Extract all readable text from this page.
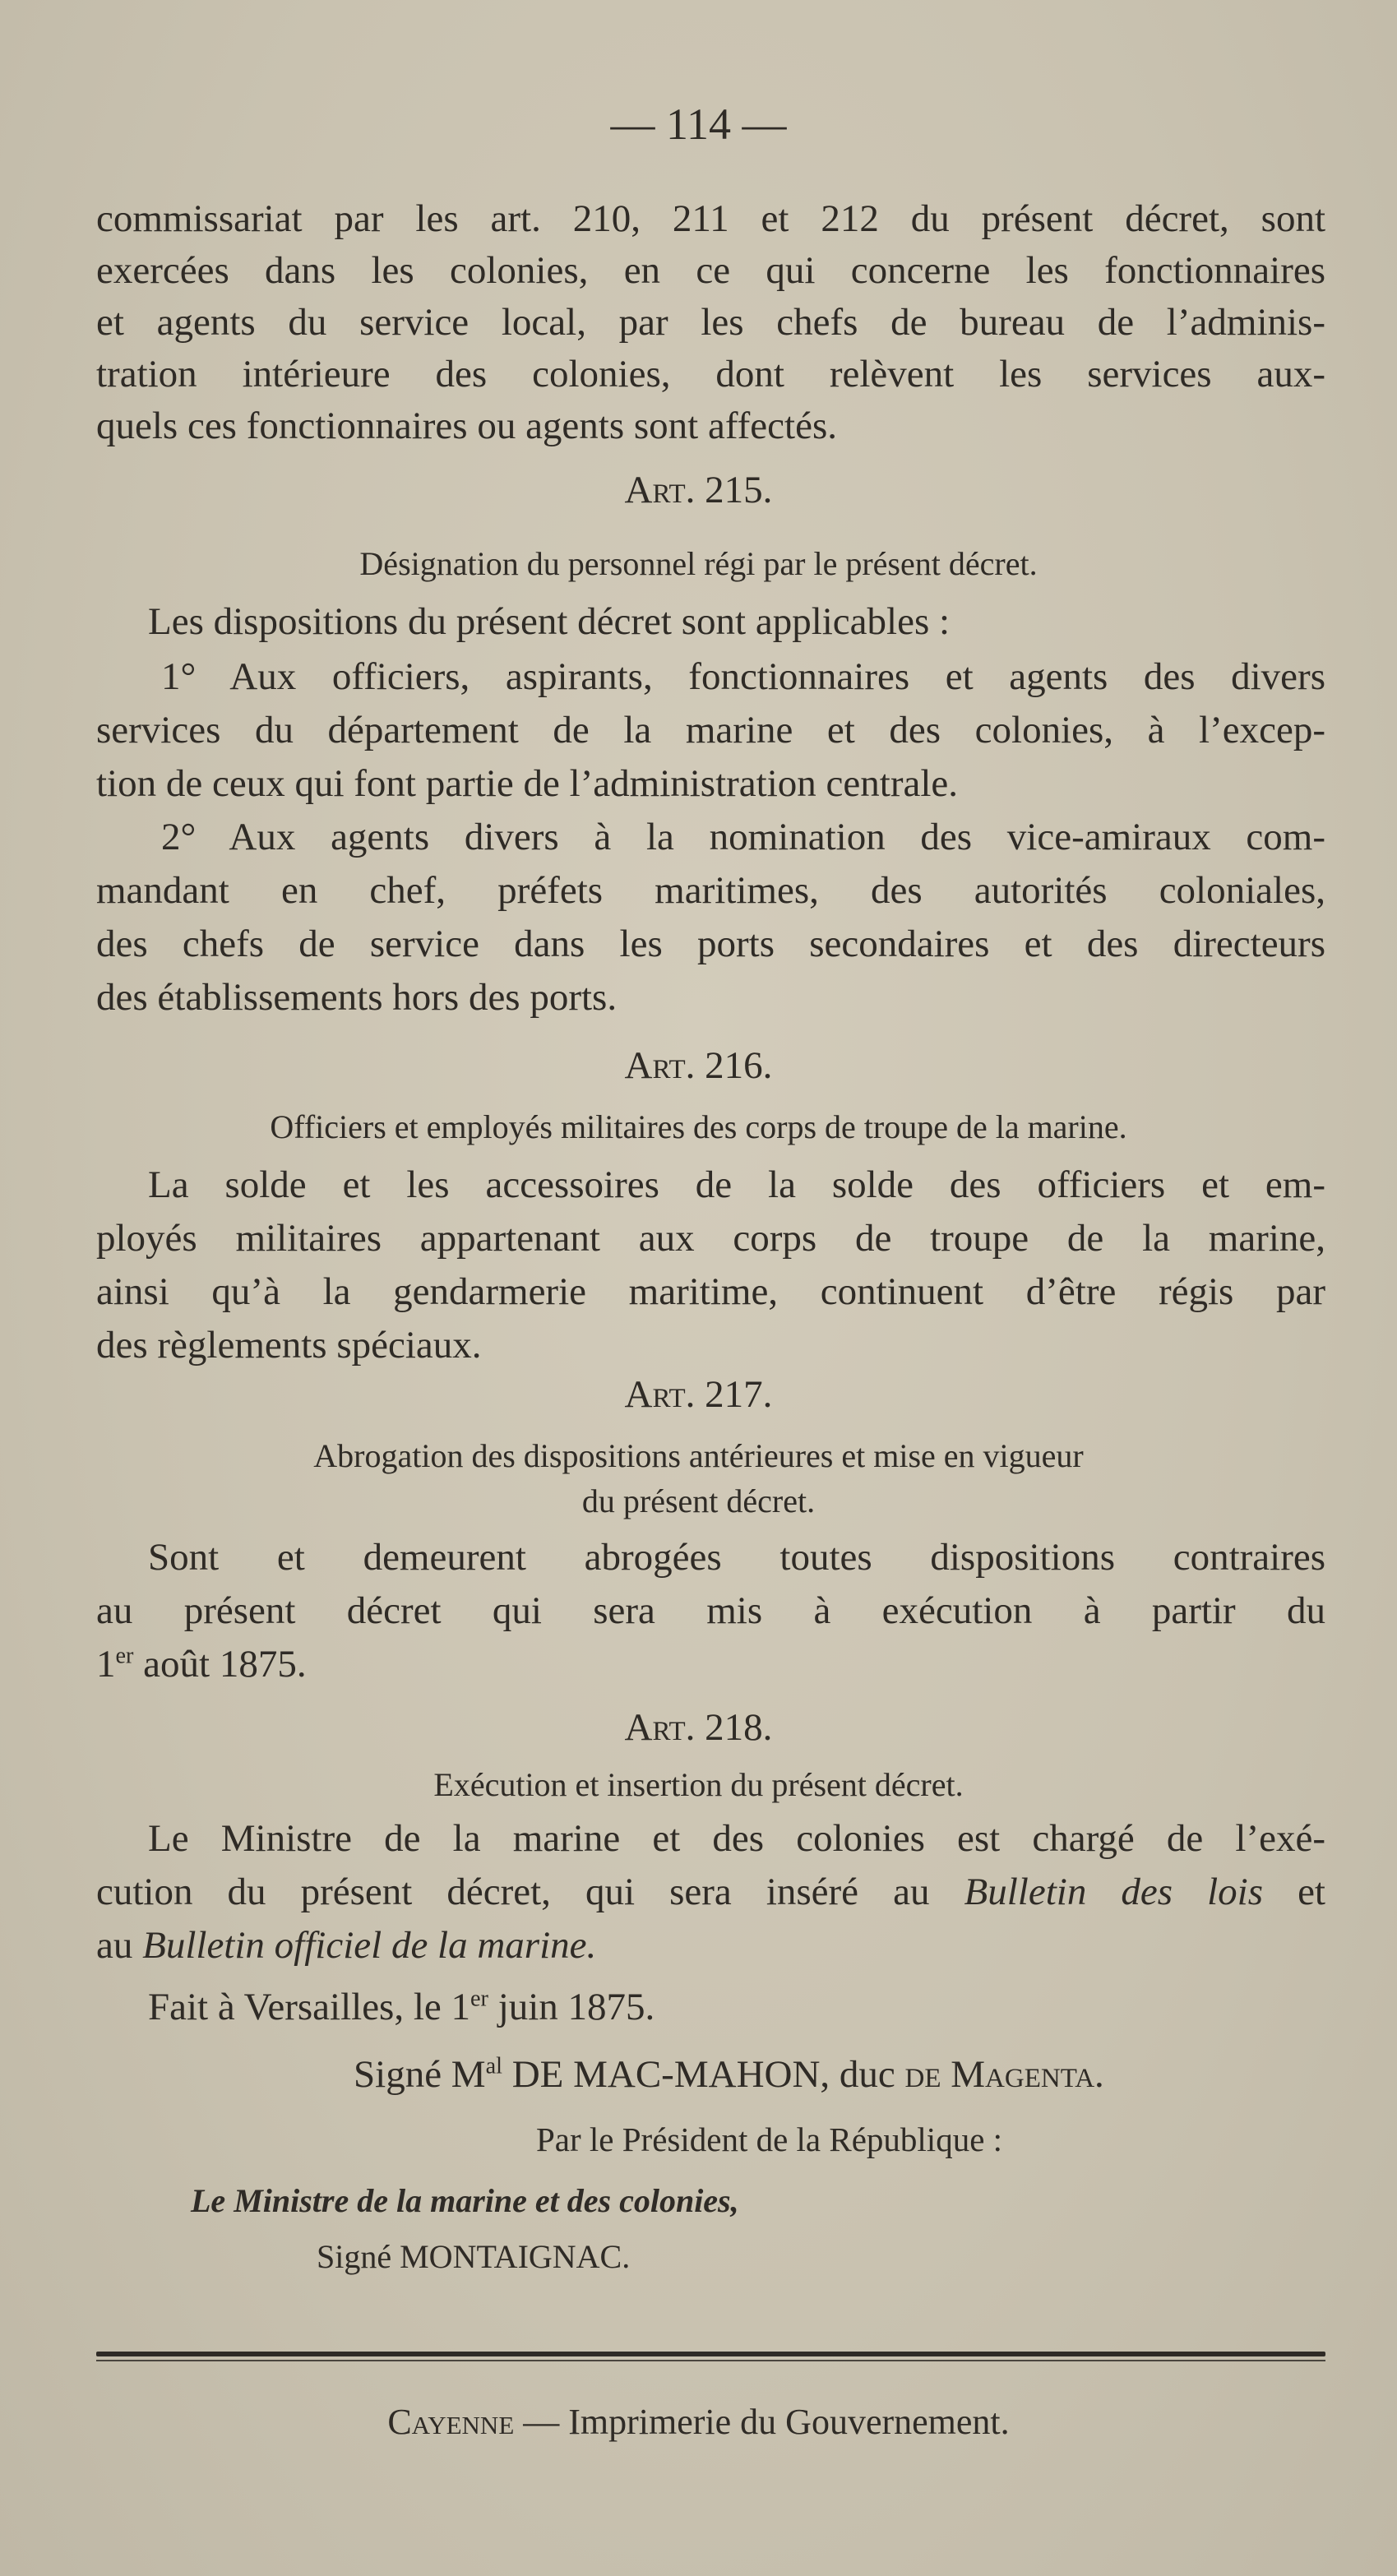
— 114 —
commissariat par les art. 210, 211 et 212 du présent décret, sont
exercées dans les colonies, en ce qui concerne les fonctionnaires
et agents du service local, par les chefs de bureau de l’adminis-
tration intérieure des colonies, dont relèvent les services aux-
quels ces fonctionnaires ou agents sont affectés.
Art. 215.
Désignation du personnel régi par le présent décret.
Les dispositions du présent décret sont applicables :
1° Aux officiers, aspirants, fonctionnaires et agents des divers
services du département de la marine et des colonies, à l’excep-
tion de ceux qui font partie de l’administration centrale.
2° Aux agents divers à la nomination des vice-amiraux com-
mandant en chef, préfets maritimes, des autorités coloniales,
des chefs de service dans les ports secondaires et des directeurs
des établissements hors des ports.
Art. 216.
Officiers et employés militaires des corps de troupe de la marine.
La solde et les accessoires de la solde des officiers et em-
ployés militaires appartenant aux corps de troupe de la marine,
ainsi qu’à la gendarmerie maritime, continuent d’être régis par
des règlements spéciaux.
Art. 217.
Abrogation des dispositions antérieures et mise en vigueur
du présent décret.
Sont et demeurent abrogées toutes dispositions contraires
au présent décret qui sera mis à exécution à partir du
1er août 1875.
Art. 218.
Exécution et insertion du présent décret.
Le Ministre de la marine et des colonies est chargé de l’exé-
cution du présent décret, qui sera inséré au Bulletin des lois et
au Bulletin officiel de la marine.
Fait à Versailles, le 1er juin 1875.
Signé $M^{al}$ DE MAC-MAHON, duc de Magenta.
Par le Président de la République :
Le Ministre de la marine et des colonies,
Signé MONTAIGNAC.
Cayenne — Imprimerie du Gouvernement.
